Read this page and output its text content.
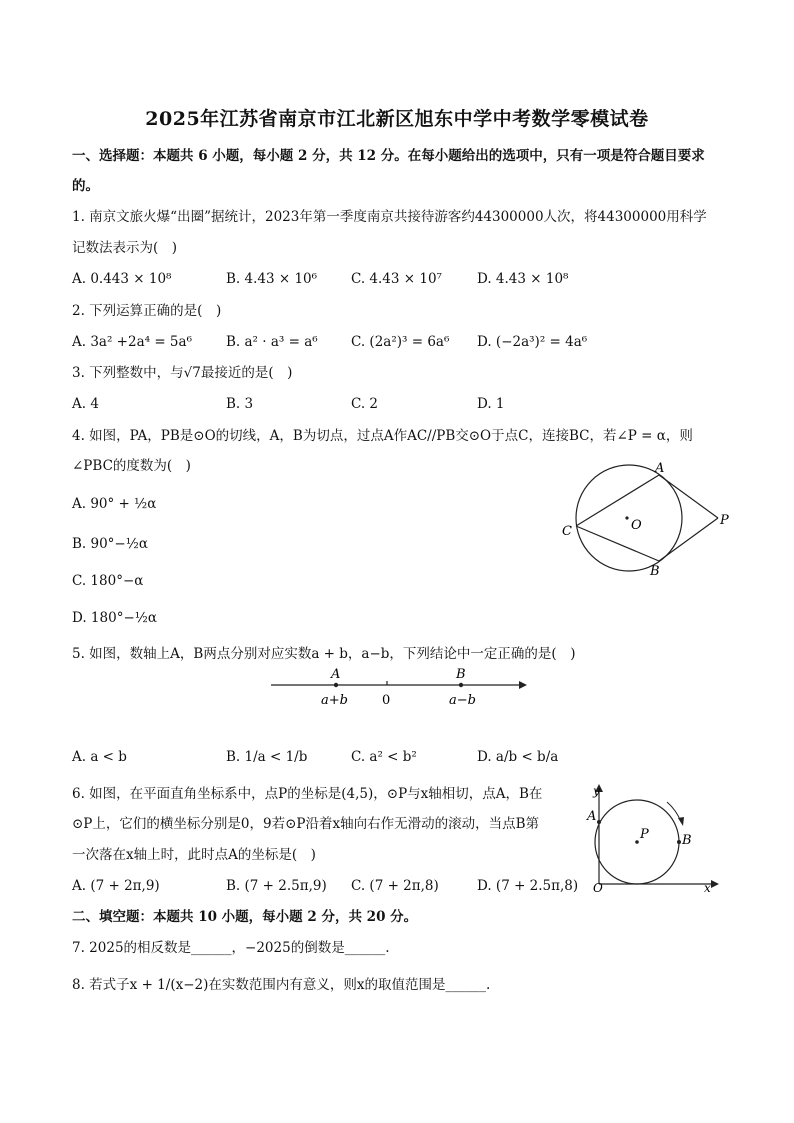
2025年江苏省南京市江北新区旭东中学中考数学零模试卷
一、选择题：本题共 6 小题，每小题 2 分，共 12 分。在每小题给出的选项中，只有一项是符合题目要求
的。
1. 南京文旅火爆“出圈”据统计，2023年第一季度南京共接待游客约44300000人次，将44300000用科学
记数法表示为(　)
A. 0.443 × 10⁸	B. 4.43 × 10⁶	C. 4.43 × 10⁷	D. 4.43 × 10⁸
2. 下列运算正确的是(　)
A. 3a² +2a⁴ = 5a⁶	B. a² · a³ = a⁶ C. (2a²)³ = 6a⁶ D. (−2a³)² = 4a⁶
3. 下列整数中，与√7最接近的是(　)
A. 4	B. 3	C. 2	D. 1
4. 如图，PA，PB是⊙O的切线，A，B为切点，过点A作AC//PB交⊙O于点C，连接BC，若∠P = α，则
∠PBC的度数为(　)
A. 90° + ½α
B. 90°−½α
C. 180°−α
D. 180°−½α
A
B
C	O	P
5. 如图，数轴上A，B两点分别对应实数a + b，a−b，下列结论中一定正确的是(　)
A	B
a+b	0	a−b
A. a < b	B. 1/a < 1/b	C. a² < b²	D. a/b < b/a
6. 如图，在平面直角坐标系中，点P的坐标是(4,5)，⊙P与x轴相切，点A，B在
⊙P上，它们的横坐标分别是0，9若⊙P沿着x轴向右作无滑动的滚动，当点B第
一次落在x轴上时，此时点A的坐标是(　)
A. (7 + 2π,9)	B. (7 + 2.5π,9) C. (7 + 2π,8)	D. (7 + 2.5π,8)
y
x
O
A
B
P
二、填空题：本题共 10 小题，每小题 2 分，共 20 分。
7. 2025的相反数是______，−2025的倒数是______.
8. 若式子x + 1/(x−2)在实数范围内有意义，则x的取值范围是______.
